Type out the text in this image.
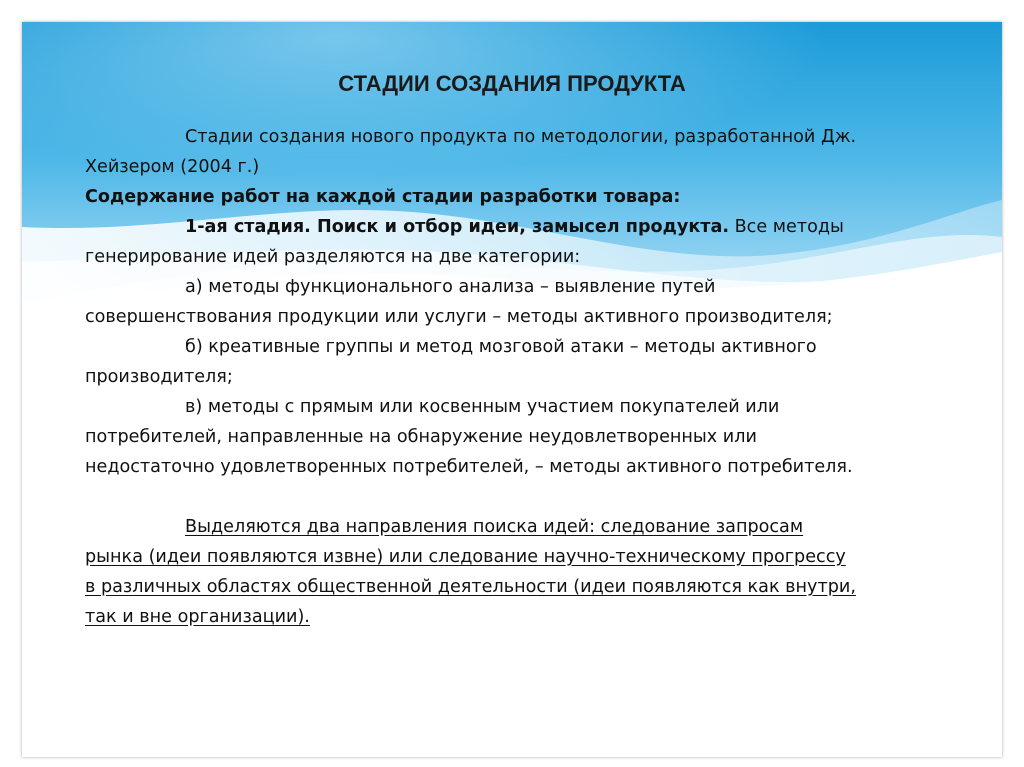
СТАДИИ СОЗДАНИЯ ПРОДУКТА

Стадии создания нового продукта по методологии, разработанной Дж.

Хейзером (2004 г.)

Содержание работ на каждой стадии разработки товара:

1-ая стадия. Поиск и отбор идеи, замысел продукта. Все методы

генерирование идей разделяются на две категории:

а) методы функционального анализа – выявление путей

совершенствования продукции или услуги – методы активного производителя;

б) креативные группы и метод мозговой атаки – методы активного

производителя;

в) методы с прямым или косвенным участием покупателей или

потребителей, направленные на обнаружение неудовлетворенных или

недостаточно удовлетворенных потребителей, – методы активного потребителя.

Выделяются два направления поиска идей: следование запросам

рынка (идеи появляются извне) или следование научно-техническому прогрессу

в различных областях общественной деятельности (идеи появляются как внутри,

так и вне организации).
